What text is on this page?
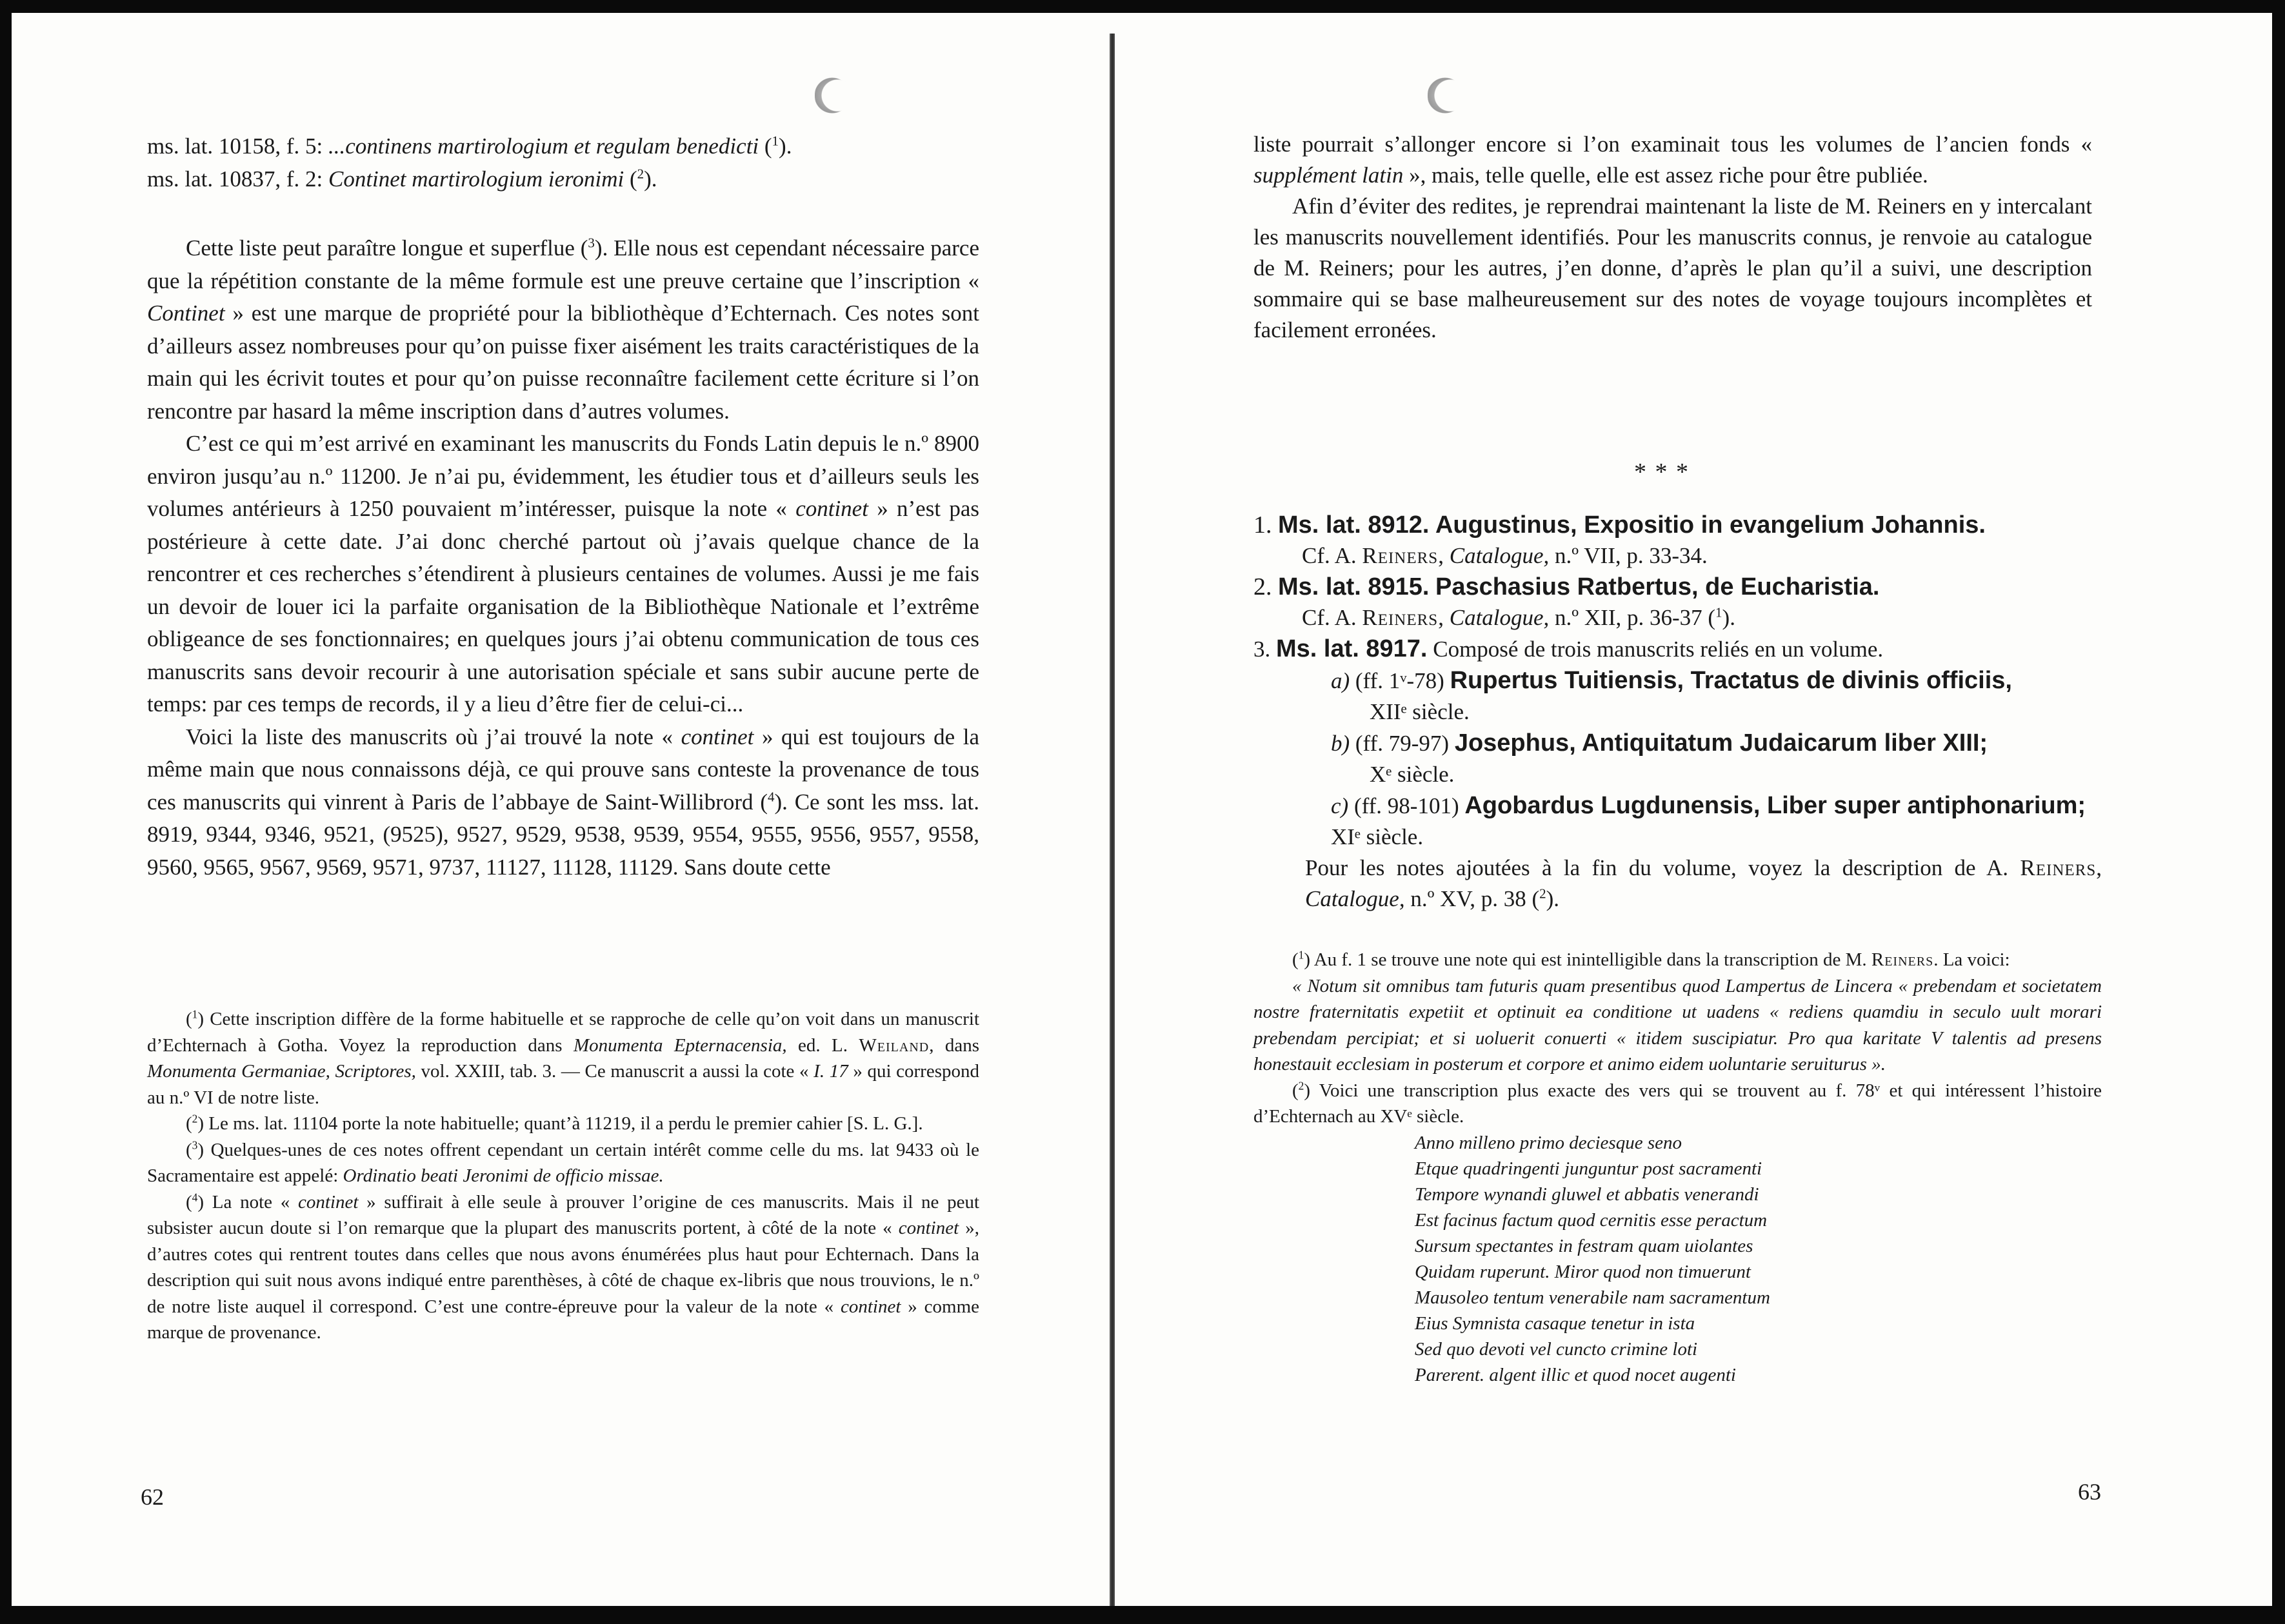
ms. lat. 10158, f. 5: ...continens martirologium et regulam benedicti ($^1$).
ms. lat. 10837, f. 2: Continet martirologium ieronimi ($^2$).

Cette liste peut paraître longue et superflue ($^3$). Elle nous est cependant nécessaire parce que la répétition constante de la même formule est une preuve certaine que l’inscription « Continet » est une marque de propriété pour la bibliothèque d’Echternach. Ces notes sont d’ailleurs assez nombreuses pour qu’on puisse fixer aisément les traits caractéristiques de la main qui les écrivit toutes et pour qu’on puisse reconnaître facilement cette écriture si l’on rencontre par hasard la même inscription dans d’autres volumes.

C’est ce qui m’est arrivé en examinant les manuscrits du Fonds Latin depuis le n.º 8900 environ jusqu’au n.º 11200. Je n’ai pu, évidemment, les étudier tous et d’ailleurs seuls les volumes antérieurs à 1250 pouvaient m’intéresser, puisque la note « continet » n’est pas postérieure à cette date. J’ai donc cherché partout où j’avais quelque chance de la rencontrer et ces recherches s’étendirent à plusieurs centaines de volumes. Aussi je me fais un devoir de louer ici la parfaite organisation de la Bibliothèque Nationale et l’extrême obligeance de ses fonctionnaires; en quelques jours j’ai obtenu communication de tous ces manuscrits sans devoir recourir à une autorisation spéciale et sans subir aucune perte de temps: par ces temps de records, il y a lieu d’être fier de celui-ci...

Voici la liste des manuscrits où j’ai trouvé la note « continet » qui est toujours de la même main que nous connaissons déjà, ce qui prouve sans conteste la provenance de tous ces manuscrits qui vinrent à Paris de l’abbaye de Saint-Willibrord ($^4$). Ce sont les mss. lat. 8919, 9344, 9346, 9521, (9525), 9527, 9529, 9538, 9539, 9554, 9555, 9556, 9557, 9558, 9560, 9565, 9567, 9569, 9571, 9737, 11127, 11128, 11129. Sans doute cette

($^1$) Cette inscription diffère de la forme habituelle et se rapproche de celle qu’on voit dans un manuscrit d’Echternach à Gotha. Voyez la reproduction dans Monumenta Epternacensia, ed. L. Weiland, dans Monumenta Germaniae, Scriptores, vol. XXIII, tab. 3. — Ce manuscrit a aussi la cote « I. 17 » qui correspond au n.º VI de notre liste.

($^2$) Le ms. lat. 11104 porte la note habituelle; quant’à 11219, il a perdu le premier cahier [S. L. G.].

($^3$) Quelques-unes de ces notes offrent cependant un certain intérêt comme celle du ms. lat 9433 où le Sacramentaire est appelé: Ordinatio beati Jeronimi de officio missae.

($^4$) La note « continet » suffirait à elle seule à prouver l’origine de ces manuscrits. Mais il ne peut subsister aucun doute si l’on remarque que la plupart des manuscrits portent, à côté de la note « continet », d’autres cotes qui rentrent toutes dans celles que nous avons énumérées plus haut pour Echternach. Dans la description qui suit nous avons indiqué entre parenthèses, à côté de chaque ex-libris que nous trouvions, le n.º de notre liste auquel il correspond. C’est une contre-épreuve pour la valeur de la note « continet » comme marque de provenance.

62

liste pourrait s’allonger encore si l’on examinait tous les volumes de l’ancien fonds « supplément latin », mais, telle quelle, elle est assez riche pour être publiée.

Afin d’éviter des redites, je reprendrai maintenant la liste de M. Reiners en y intercalant les manuscrits nouvellement identifiés. Pour les manuscrits connus, je renvoie au catalogue de M. Reiners; pour les autres, j’en donne, d’après le plan qu’il a suivi, une description sommaire qui se base malheureusement sur des notes de voyage toujours incomplètes et facilement erronées.

* * *
1. Ms. lat. 8912. Augustinus, Expositio in evangelium Johannis.
Cf. A. Reiners, Catalogue, n.º VII, p. 33-34.
2. Ms. lat. 8915. Paschasius Ratbertus, de Eucharistia.
Cf. A. Reiners, Catalogue, n.º XII, p. 36-37 ($^1$).
3. Ms. lat. 8917. Composé de trois manuscrits reliés en un volume.
a) (ff. 1ᵛ-78) Rupertus Tuitiensis, Tractatus de divinis officiis,
XIIᵉ siècle.
b) (ff. 79-97) Josephus, Antiquitatum Judaicarum liber XIII;
Xᵉ siècle.
c) (ff. 98-101) Agobardus Lugdunensis, Liber super antiphonarium; XIᵉ siècle.

Pour les notes ajoutées à la fin du volume, voyez la description de A. Reiners, Catalogue, n.º XV, p. 38 ($^2$).

($^1$) Au f. 1 se trouve une note qui est inintelligible dans la transcription de M. Reiners. La voici:

« Notum sit omnibus tam futuris quam presentibus quod Lampertus de Lincera « prebendam et societatem nostre fraternitatis expetiit et optinuit ea conditione ut uadens « rediens quamdiu in seculo uult morari prebendam percipiat; et si uoluerit conuerti « itidem suscipiatur. Pro qua karitate V talentis ad presens honestauit ecclesiam in posterum et corpore et animo eidem uoluntarie seruiturus ».

($^2$) Voici une transcription plus exacte des vers qui se trouvent au f. 78ᵛ et qui intéressent l’histoire d’Echternach au XVᵉ siècle.

Anno milleno primo deciesque seno
Etque quadringenti junguntur post sacramenti
Tempore wynandi gluwel et abbatis venerandi
Est facinus factum quod cernitis esse peractum
Sursum spectantes in festram quam uiolantes
Quidam ruperunt. Miror quod non timuerunt
Mausoleo tentum venerabile nam sacramentum
Eius Symnista casaque tenetur in ista
Sed quo devoti vel cuncto crimine loti
Parerent. algent illic et quod nocet augenti
63
